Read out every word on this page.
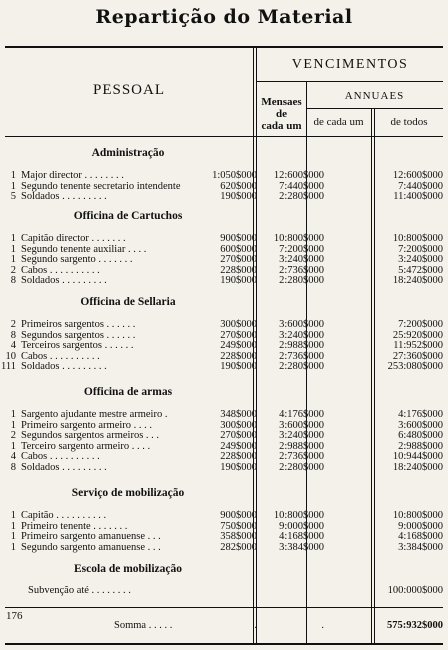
Repartição do Material
PESSOAL
VENCIMENTOS
Mensaes
de
cada um
ANNUAES
de cada um	de todos
Administração
1 Major director . . . . . . . .	1:050$000 12:600$000	12:600$000
1 Segundo tenente secretario intendente	620$000 7:440$000	7:440$000
5 Soldados . . . . . . . . .	190$000 2:280$000	11:400$000
Officina de Cartuchos
1 Capitão director . . . . . . .	900$000 10:800$000	10:800$000
1 Segundo tenente auxiliar . . . .	600$000 7:200$000	7:200$000
1 Segundo sargento . . . . . . .	270$000 3:240$000	3:240$000
2 Cabos . . . . . . . . . .	228$000 2:736$000	5:472$000
8 Soldados . . . . . . . . .	190$000 2:280$000	18:240$000
Officina de Sellaria
2 Primeiros sargentos . . . . . .	300$000 3:600$000	7:200$000
8 Segundos sargentos . . . . . .	270$000 3:240$000	25:920$000
4 Terceiros sargentos . . . . . .	249$000 2:988$000	11:952$000
10 Cabos . . . . . . . . . .	228$000 2:736$000	27:360$000
111 Soldados . . . . . . . . .	190$000 2:280$000	253:080$000
Officina de armas
1 Sargento ajudante mestre armeiro .	348$000 4:176$000	4:176$000
1 Primeiro sargento armeiro . . . .	300$000 3:600$000	3:600$000
2 Segundos sargentos armeiros . . .	270$000 3:240$000	6:480$000
1 Terceiro sargento armeiro . . . .	249$000 2:988$000	2:988$000
4 Cabos . . . . . . . . . .	228$000 2:736$000	10:944$000
8 Soldados . . . . . . . . .	190$000 2:280$000	18:240$000
Serviço de mobilização
1 Capitão . . . . . . . . . .	900$000 10:800$000	10:800$000
1 Primeiro tenente . . . . . . .	750$000 9:000$000	9:000$000
1 Primeiro sargento amanuense . . .	358$000 4:168$000	4:168$000
1 Segundo sargento amanuense . . .	282$000 3:384$000	3:384$000
Escola de mobilização
Subvenção até . . . . . . . .	100:000$000
176
Somma . . . . .	.	.	575:932$000
